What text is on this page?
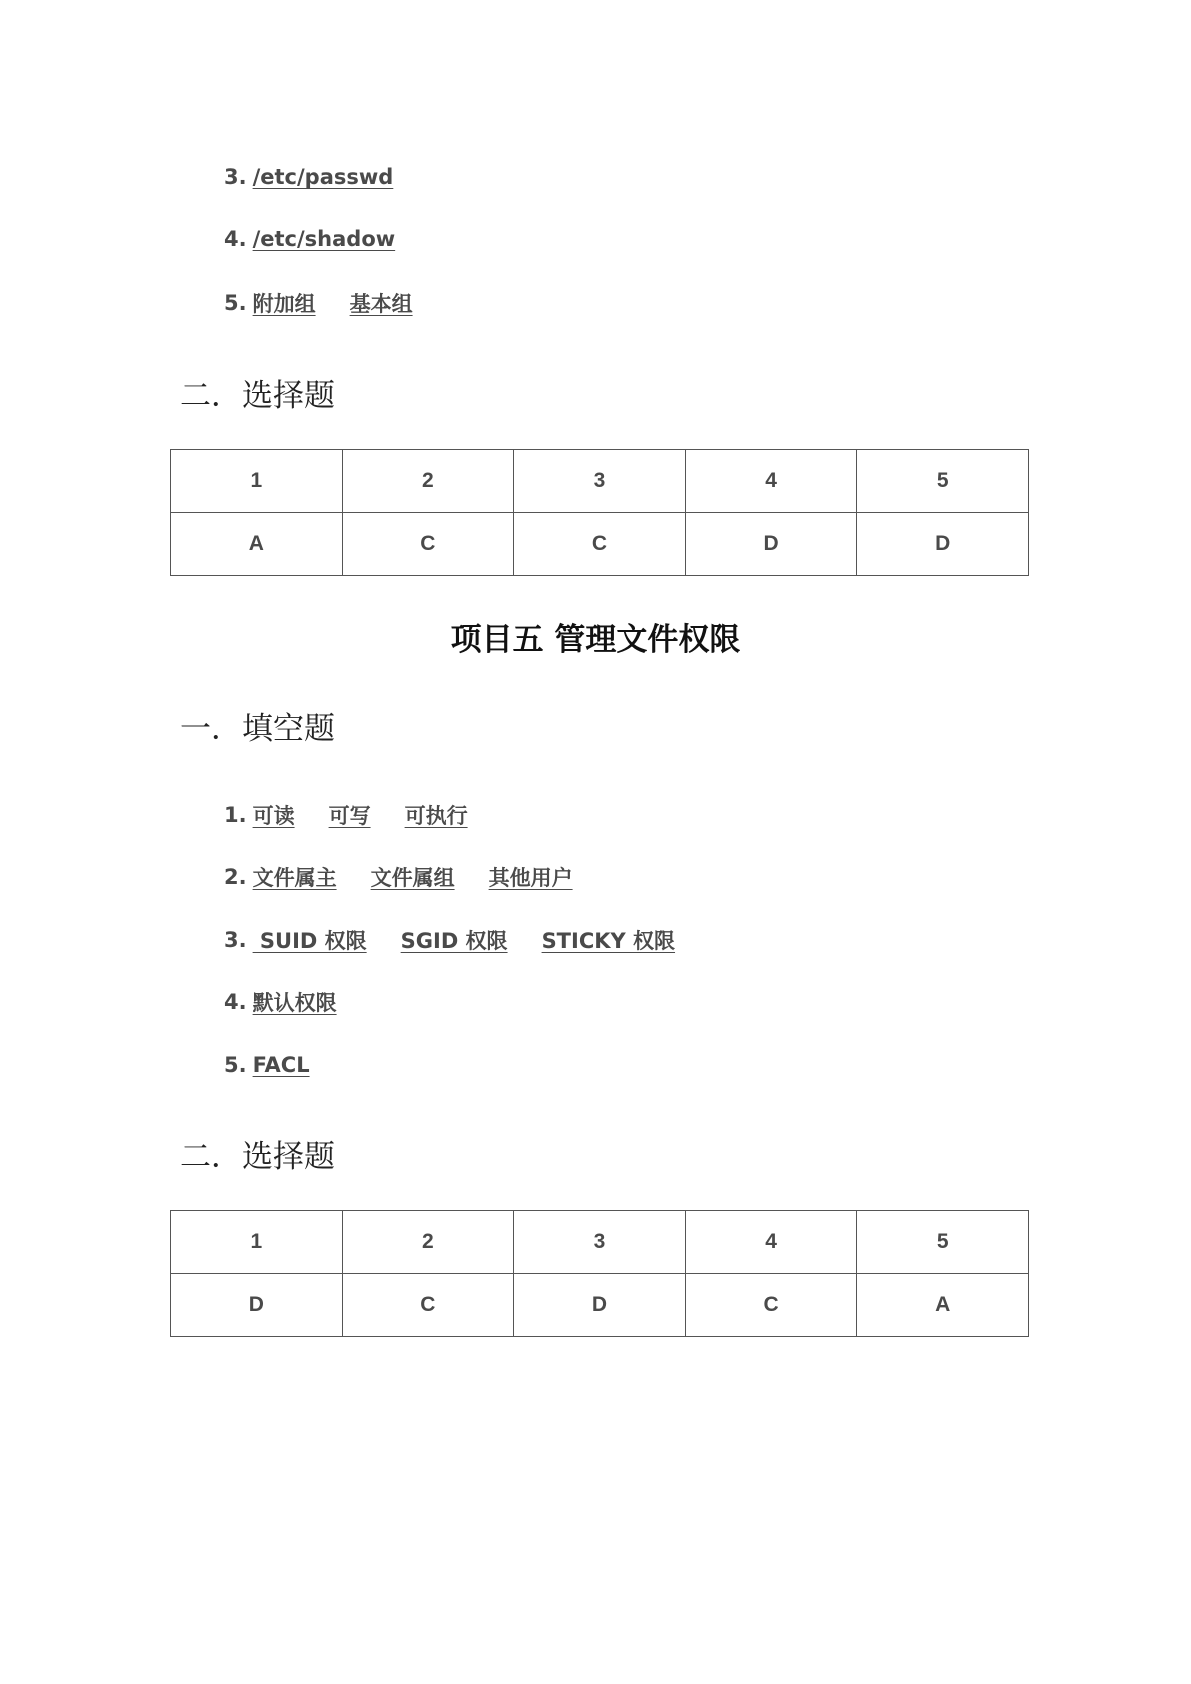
3. /etc/passwd
4. /etc/shadow
5. 附加组 基本组
二．选择题
1	2	3	4	5
A	C	C	D	D
项目五 管理文件权限
一．填空题
1. 可读 可写 可执行
2. 文件属主 文件属组 其他用户
3. SUID 权限 SGID 权限 STICKY 权限
4. 默认权限
5. FACL
二．选择题
1	2	3	4	5
D	C	D	C	A
